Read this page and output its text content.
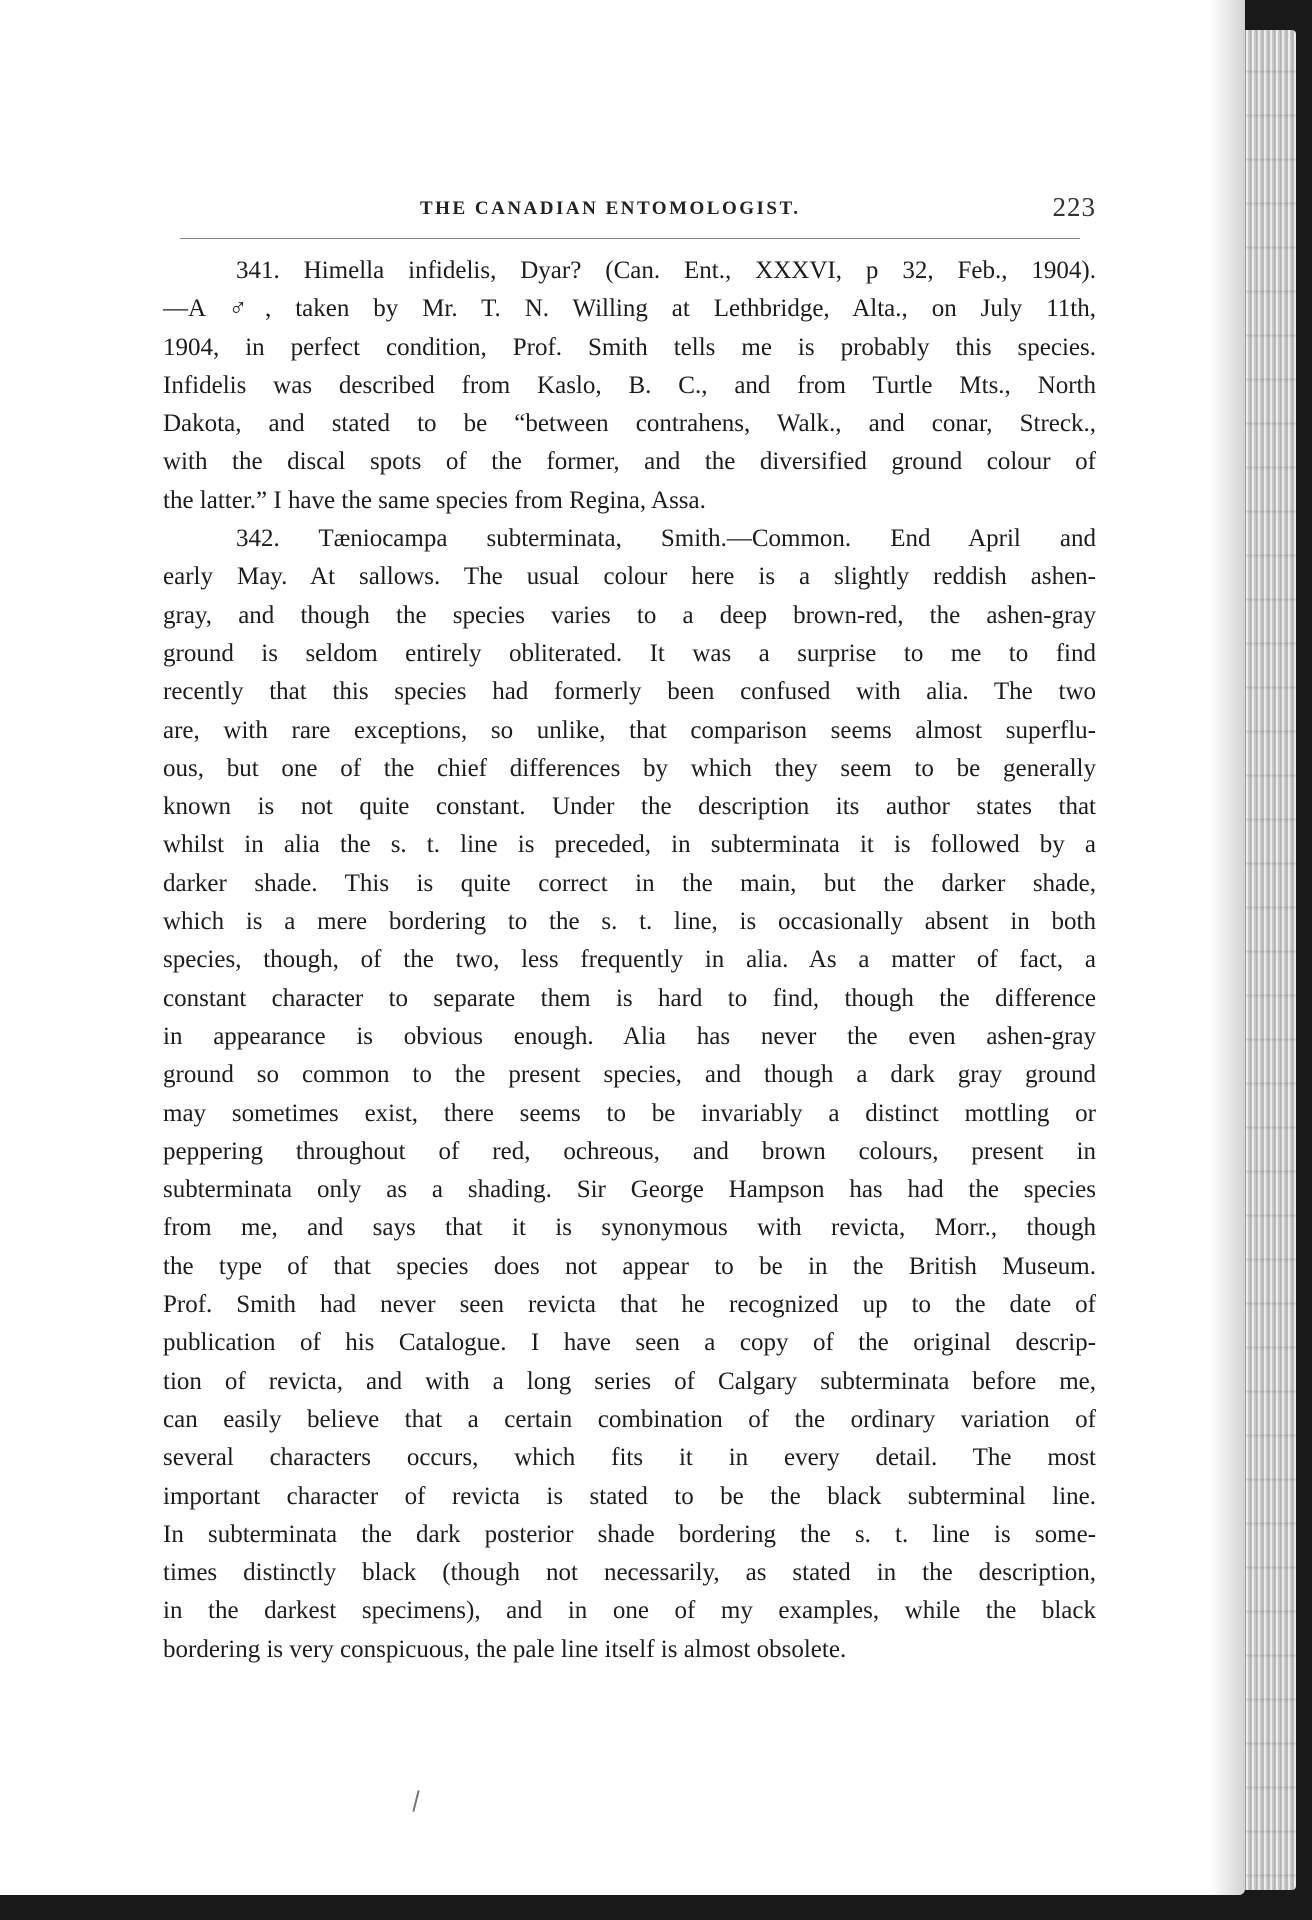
THE CANADIAN ENTOMOLOGIST.	223

341. Himella infidelis, Dyar? (Can. Ent., XXXVI, p 32, Feb., 1904).

—A ♂, taken by Mr. T. N. Willing at Lethbridge, Alta., on July 11th,

1904, in perfect condition, Prof. Smith tells me is probably this species.

Infidelis was described from Kaslo, B. C., and from Turtle Mts., North

Dakota, and stated to be “between contrahens, Walk., and conar, Streck.,

with the discal spots of the former, and the diversified ground colour of

the latter.” I have the same species from Regina, Assa.

342. Tæniocampa subterminata, Smith.—Common. End April and

early May. At sallows. The usual colour here is a slightly reddish ashen-

gray, and though the species varies to a deep brown-red, the ashen-gray

ground is seldom entirely obliterated. It was a surprise to me to find

recently that this species had formerly been confused with alia. The two

are, with rare exceptions, so unlike, that comparison seems almost superflu-

ous, but one of the chief differences by which they seem to be generally

known is not quite constant. Under the description its author states that

whilst in alia the s. t. line is preceded, in subterminata it is followed by a

darker shade. This is quite correct in the main, but the darker shade,

which is a mere bordering to the s. t. line, is occasionally absent in both

species, though, of the two, less frequently in alia. As a matter of fact, a

constant character to separate them is hard to find, though the difference

in appearance is obvious enough. Alia has never the even ashen-gray

ground so common to the present species, and though a dark gray ground

may sometimes exist, there seems to be invariably a distinct mottling or

peppering throughout of red, ochreous, and brown colours, present in

subterminata only as a shading. Sir George Hampson has had the species

from me, and says that it is synonymous with revicta, Morr., though

the type of that species does not appear to be in the British Museum.

Prof. Smith had never seen revicta that he recognized up to the date of

publication of his Catalogue. I have seen a copy of the original descrip-

tion of revicta, and with a long series of Calgary subterminata before me,

can easily believe that a certain combination of the ordinary variation of

several characters occurs, which fits it in every detail. The most

important character of revicta is stated to be the black subterminal line.

In subterminata the dark posterior shade bordering the s. t. line is some-

times distinctly black (though not necessarily, as stated in the description,

in the darkest specimens), and in one of my examples, while the black

bordering is very conspicuous, the pale line itself is almost obsolete.
